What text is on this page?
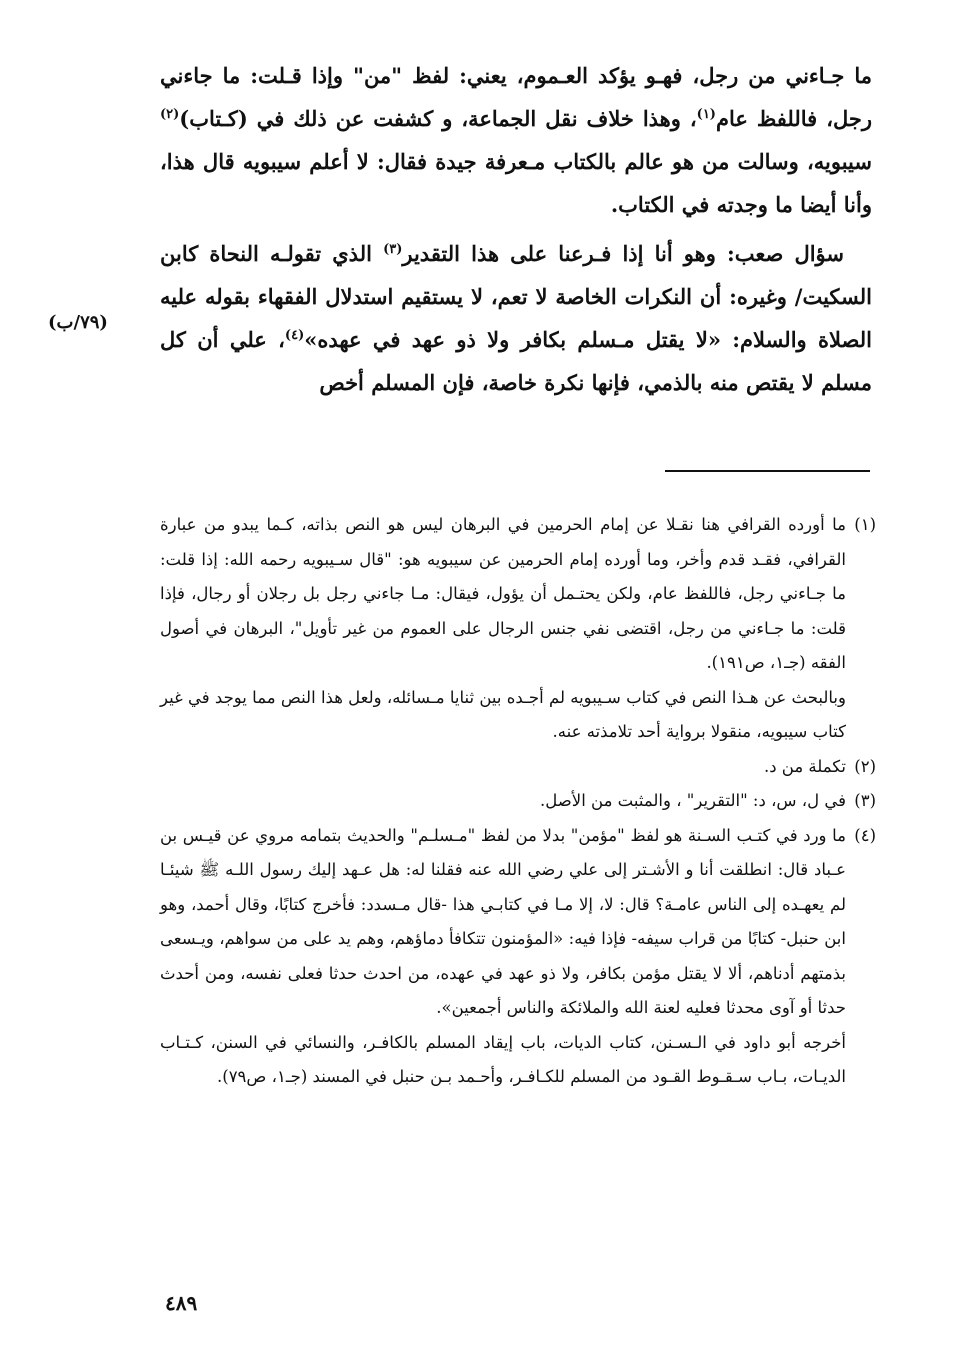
ما جـاءني من رجل، فهـو يؤكد العـموم، يعني: لفظ "من" وإذا قـلت: ما جاءني رجل، فاللفظ عام$^{(١)}$، وهذا خلاف نقل الجماعة، و كشفت عن ذلك في (كـتاب)$^{(٢)}$ سيبويه، وسالت من هو عالم بالكتاب مـعرفة جيدة فقال: لا أعلم سيبويه قال هذا، وأنا أيضا ما وجدته في الكتاب.

سؤال صعب: وهو أنا إذا فـرعنا على هذا التقدير$^{(٣)}$ الذي تقولـه النحاة كابن السكيت/ وغيره: أن النكرات الخاصة لا تعم، لا يستقيم استدلال الفقهاء بقوله عليه الصلاة والسلام: «لا يقتل مـسلم بكافر ولا ذو عهد في عهده»$^{(٤)}$، علي أن كل مسلم لا يقتص منه بالذمي، فإنها نكرة خاصة، فإن المسلم أخص

(٧٩/ب)
(١)

ما أورده القرافي هنا نقـلا عن إمام الحرمين في البرهان ليس هو النص بذاته، كـما يبدو من عبارة القرافي، فقـد قدم وأخر، وما أورده إمام الحرمين عن سيبويه هو: "قال سـيبويه رحمه الله: إذا قلت: ما جـاءني رجل، فاللفظ عام، ولكن يحتـمل أن يؤول، فيقال: مـا جاءني رجل بل رجلان أو رجال، فإذا قلت: ما جـاءني من رجل، اقتضى نفي جنس الرجال على العموم من غير تأويل"، البرهان في أصول الفقه (جـ١، ص١٩١).

وبالبحث عن هـذا النص في كتاب سـيبويه لم أجـده بين ثنايا مـسائله، ولعل هذا النص مما يوجد في غير كتاب سيبويه، منقولا برواية أحد تلامذته عنه.

(٢)

تكملة من د.

(٣)

في ل، س، د: "التقرير" ، والمثبت من الأصل.

(٤)

ما ورد في كتـب السـنة هو لفظ "مؤمن" بدلا من لفظ "مـسلـم" والحديث بتمامه مروي عن قيـس بن عـباد قال: انطلقت أنا و الأشـتر إلى علي رضي الله عنه فقلنا له: هل عـهد إليك رسول اللـه ﷺ شيئـا لم يعهـده إلى الناس عامـة؟ قال: لا، إلا مـا في كتابـي هذا -قال مـسدد: فأخرج كتابًا، وقال أحمد، وهو ابن حنبل- كتابًا من قراب سيفه- فإذا فيه: «المؤمنون تتكافأ دماؤهم، وهم يد على من سواهم، ويـسعى بذمتهم أدناهم، ألا لا يقتل مؤمن بكافر، ولا ذو عهد في عهده، من احدث حدثا فعلى نفسه، ومن أحدث حدثا أو آوى محدثا فعليه لعنة الله والملائكة والناس أجمعين».

أخرجه أبو داود في الـسـنن، كتاب الديات، باب إيقاد المسلم بالكافـر، والنسائي في السنن، كـتـاب الديـات، بـاب سـقـوط القـود من المسلم للكـافـر، وأحـمد بـن حنبل في المسند (جـ١، ص٧٩).

٤٨٩
